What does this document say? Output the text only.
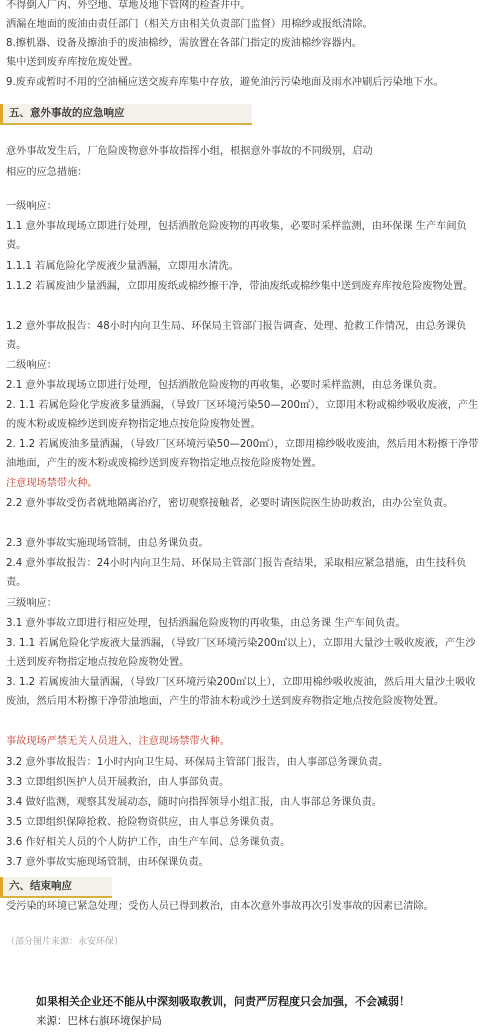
不得倒入厂内、外空地、草地及地下管网的检查井中。
洒漏在地面的废油由责任部门（相关方由相关负责部门监督）用棉纱或报纸清除。
8.擦机器、设备及擦油手的废油棉纱，需放置在各部门指定的废油棉纱容器内。
集中送到废弃库按危废处置。
9.废弃或暂时不用的空油桶应送交废弃库集中存放，避免油污污染地面及雨水冲刷后污染地下水。
五、意外事故的应急响应
意外事故发生后，厂危险废物意外事故指挥小组，根据意外事故的不同级别，启动
相应的应急措施：
一级响应：
1.1 意外事故现场立即进行处理，包括洒散危险废物的再收集，必要时采样监测，由环保课 生产车间负责。
1.1.1 若属危险化学废液少量洒漏，立即用水清洗。
1.1.2 若属废油少量洒漏，立即用废纸或棉纱擦干净，带油废纸或棉纱集中送到废弃库按危险废物处置。
1.2 意外事故报告：48小时内向卫生局、环保局主管部门报告调查、处理、抢救工作情况，由总务课负责。
二级响应：
2.1 意外事故现场立即进行处理，包括洒散危险废物的再收集，必要时采样监测，由总务课负责。
2. 1.1 若属危险化学废液多量洒漏，（导致厂区环境污染50—200㎡），立即用木粉或棉纱吸收废液，产生的废木粉或废棉纱送到废弃物指定地点按危险废物处置。
2. 1.2 若属废油多量洒漏，（导致厂区环境污染50—200㎡），立即用棉纱吸收废油，然后用木粉擦干净带油地面，产生的废木粉或废棉纱送到废弃物指定地点按危险废物处置。
注意现场禁带火种。
2.2 意外事故受伤者就地隔离治疗，密切观察接触者，必要时请医院医生协助救治，由办公室负责。
2.3 意外事故实施现场管制，由总务课负责。
2.4 意外事故报告：24小时内向卫生局、环保局主管部门报告查结果，采取相应紧急措施，由生技科负责。
三级响应：
3.1 意外事故立即进行相应处理，包括洒漏危险废物的再收集，由总务课 生产车间负责。
3. 1.1 若属危险化学废液大量洒漏，（导致厂区环境污染200㎡以上），立即用大量沙土吸收废液，产生沙土送到废弃物指定地点按危险废物处置。
3. 1.2 若属废油大量洒漏，（导致厂区环境污染200㎡以上），立即用棉纱吸收废油，然后用大量沙土吸收废油，然后用木粉擦干净带油地面，产生的带油木粉或沙土送到废弃物指定地点按危险废物处置。
事故现场严禁无关人员进入，注意现场禁带火种。
3.2 意外事故报告：1小时内向卫生局、环保局主管部门报告，由人事部总务课负责。
3.3 立即组织医护人员开展救治，由人事部负责。
3.4 做好监测，观察其发展动态，随时向指挥领导小组汇报，由人事部总务课负责。
3.5 立即组织保障抢救、抢险物资供应，由人事总务课负责。
3.6 作好相关人员的个人防护工作，由生产车间、总务课负责。
3.7 意外事故实施现场管制，由环保课负责。
六、结束响应
受污染的环境已紧急处理；受伤人员已得到救治，由本次意外事故再次引发事故的因素已清除。
（部分图片来源：永安环保）
如果相关企业还不能从中深刻吸取教训，问责严厉程度只会加强，不会减弱！
来源：巴林右旗环境保护局
